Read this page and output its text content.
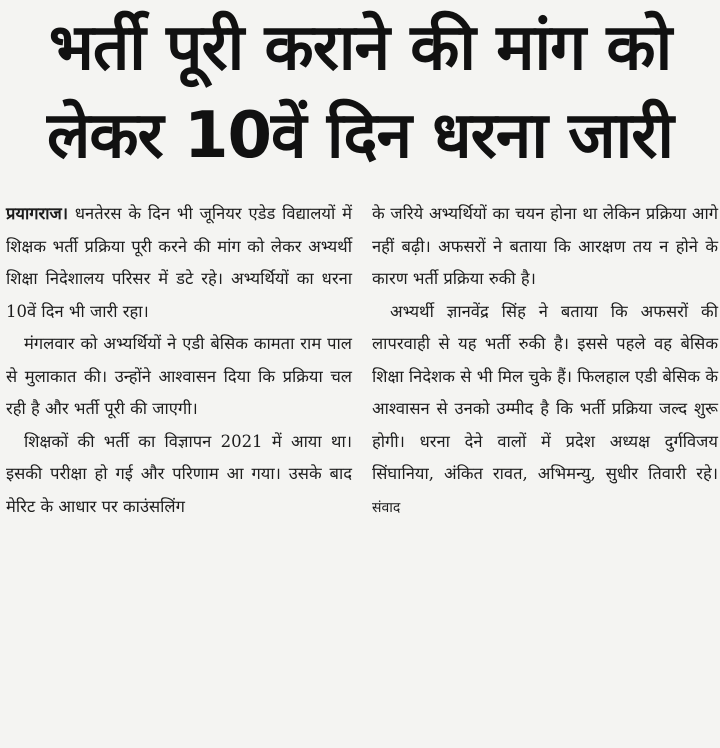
भर्ती पूरी कराने की मांग को
लेकर 10वें दिन धरना जारी

प्रयागराज। धनतेरस के दिन भी जूनियर एडेड विद्यालयों में शिक्षक भर्ती प्रक्रिया पूरी करने की मांग को लेकर अभ्यर्थी शिक्षा निदेशालय परिसर में डटे रहे। अभ्यर्थियों का धरना 10वें दिन भी जारी रहा।

मंगलवार को अभ्यर्थियों ने एडी बेसिक कामता राम पाल से मुलाकात की। उन्होंने आश्वासन दिया कि प्रक्रिया चल रही है और भर्ती पूरी की जाएगी।

शिक्षकों की भर्ती का विज्ञापन 2021 में आया था। इसकी परीक्षा हो गई और परिणाम आ गया। उसके बाद मेरिट के आधार पर काउंसलिंग

के जरिये अभ्यर्थियों का चयन होना था लेकिन प्रक्रिया आगे नहीं बढ़ी। अफसरों ने बताया कि आरक्षण तय न होने के कारण भर्ती प्रक्रिया रुकी है।

अभ्यर्थी ज्ञानवेंद्र सिंह ने बताया कि अफसरों की लापरवाही से यह भर्ती रुकी है। इससे पहले वह बेसिक शिक्षा निदेशक से भी मिल चुके हैं। फिलहाल एडी बेसिक के आश्वासन से उनको उम्मीद है कि भर्ती प्रक्रिया जल्द शुरू होगी। धरना देने वालों में प्रदेश अध्यक्ष दुर्गविजय सिंघानिया, अंकित रावत, अभिमन्यु, सुधीर तिवारी रहे। संवाद
